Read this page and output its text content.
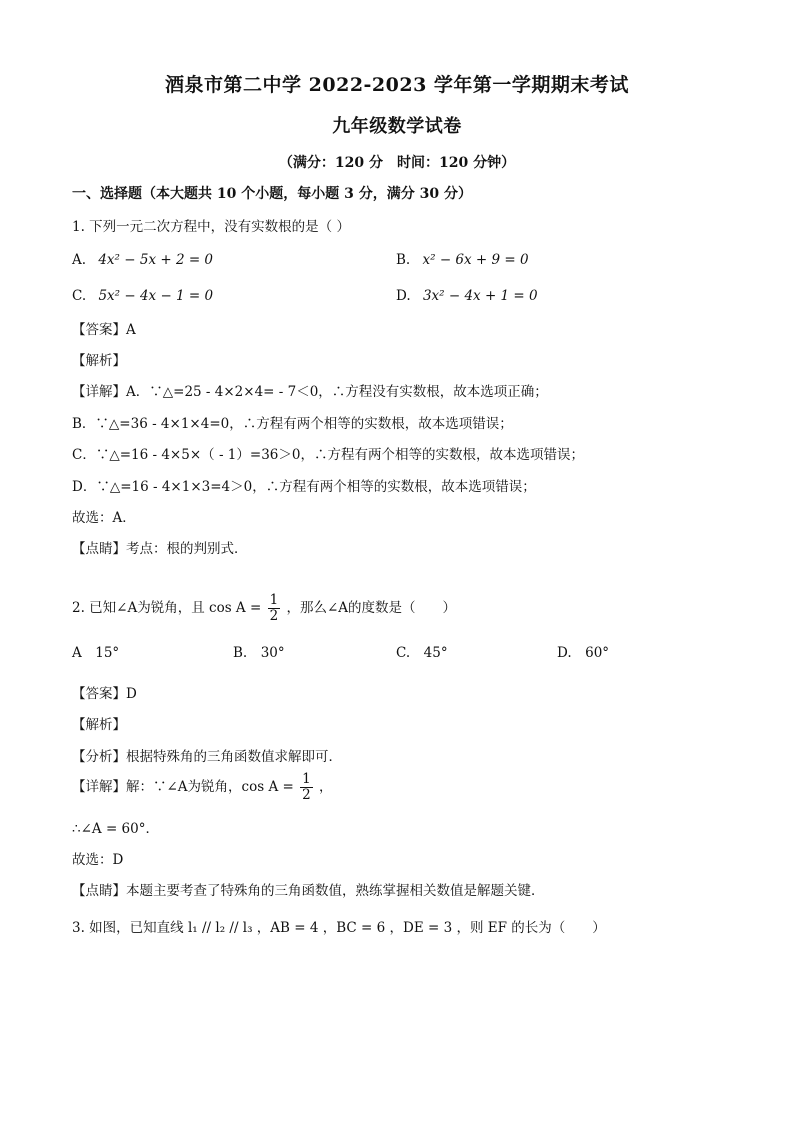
酒泉市第二中学 2022-2023 学年第一学期期末考试
九年级数学试卷
（满分：120 分　时间：120 分钟）
一、选择题（本大题共 10 个小题，每小题 3 分，满分 30 分）
1. 下列一元二次方程中，没有实数根的是（ ）
A. 4x² − 5x + 2 = 0	B. x² − 6x + 9 = 0
C. 5x² − 4x − 1 = 0	D. 3x² − 4x + 1 = 0
【答案】A
【解析】
【详解】A．∵△=25 - 4×2×4= - 7＜0，∴方程没有实数根，故本选项正确；
B．∵△=36 - 4×1×4=0，∴方程有两个相等的实数根，故本选项错误；
C．∵△=16 - 4×5×（ - 1）=36＞0，∴方程有两个相等的实数根，故本选项错误；
D．∵△=16 - 4×1×3=4＞0，∴方程有两个相等的实数根，故本选项错误；
故选：A．
【点睛】考点：根的判别式．
2. 已知∠A为锐角，且 $\cos A = \frac{1}{2}$ ，那么∠A的度数是（　　）
A　15°	B.　30°	C.　45°	D.　60°
【答案】D
【解析】
【分析】根据特殊角的三角函数值求解即可．
【详解】解：∵∠A为锐角，$\cos A = \frac{1}{2}$ ，
∴∠A = 60°．
故选：D
【点睛】本题主要考查了特殊角的三角函数值，熟练掌握相关数值是解题关键．
3. 如图，已知直线 l₁ // l₂ // l₃ ，AB = 4 ，BC = 6 ，DE = 3 ，则 EF 的长为（　　）
